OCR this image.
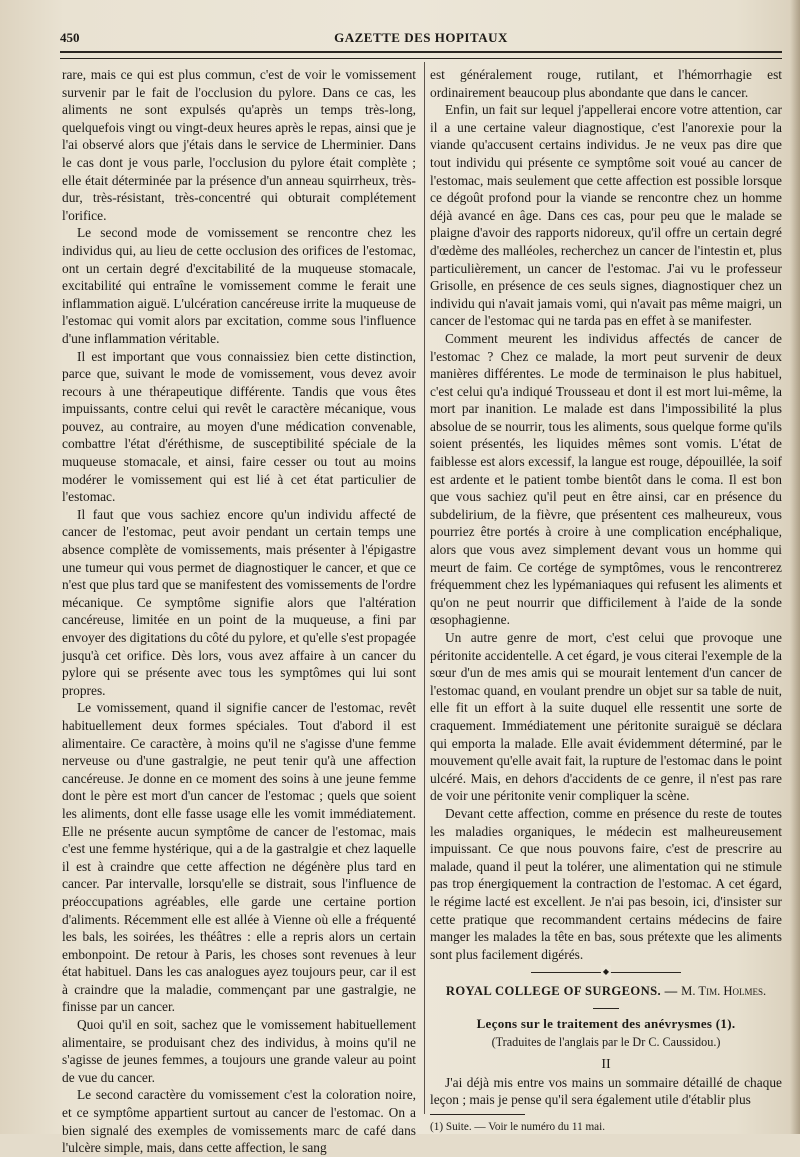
450	GAZETTE DES HOPITAUX

rare, mais ce qui est plus commun, c'est de voir le vomissement survenir par le fait de l'occlusion du pylore. Dans ce cas, les aliments ne sont expulsés qu'après un temps très-long, quelquefois vingt ou vingt-deux heures après le repas, ainsi que je l'ai observé alors que j'étais dans le service de Lherminier. Dans le cas dont je vous parle, l'occlusion du pylore était complète ; elle était déterminée par la présence d'un anneau squirrheux, très-dur, très-résistant, très-concentré qui obturait complétement l'orifice.

Le second mode de vomissement se rencontre chez les individus qui, au lieu de cette occlusion des orifices de l'estomac, ont un certain degré d'excitabilité de la muqueuse stomacale, excitabilité qui entraîne le vomissement comme le ferait une inflammation aiguë. L'ulcération cancéreuse irrite la muqueuse de l'estomac qui vomit alors par excitation, comme sous l'influence d'une inflammation véritable.

Il est important que vous connaissiez bien cette distinction, parce que, suivant le mode de vomissement, vous devez avoir recours à une thérapeutique différente. Tandis que vous êtes impuissants, contre celui qui revêt le caractère mécanique, vous pouvez, au contraire, au moyen d'une médication convenable, combattre l'état d'éréthisme, de susceptibilité spéciale de la muqueuse stomacale, et ainsi, faire cesser ou tout au moins modérer le vomissement qui est lié à cet état particulier de l'estomac.

Il faut que vous sachiez encore qu'un individu affecté de cancer de l'estomac, peut avoir pendant un certain temps une absence complète de vomissements, mais présenter à l'épigastre une tumeur qui vous permet de diagnostiquer le cancer, et que ce n'est que plus tard que se manifestent des vomissements de l'ordre mécanique. Ce symptôme signifie alors que l'altération cancéreuse, limitée en un point de la muqueuse, a fini par envoyer des digitations du côté du pylore, et qu'elle s'est propagée jusqu'à cet orifice. Dès lors, vous avez affaire à un cancer du pylore qui se présente avec tous les symptômes qui lui sont propres.

Le vomissement, quand il signifie cancer de l'estomac, revêt habituellement deux formes spéciales. Tout d'abord il est alimentaire. Ce caractère, à moins qu'il ne s'agisse d'une femme nerveuse ou d'une gastralgie, ne peut tenir qu'à une affection cancéreuse. Je donne en ce moment des soins à une jeune femme dont le père est mort d'un cancer de l'estomac ; quels que soient les aliments, dont elle fasse usage elle les vomit immédiatement. Elle ne présente aucun symptôme de cancer de l'estomac, mais c'est une femme hystérique, qui a de la gastralgie et chez laquelle il est à craindre que cette affection ne dégénère plus tard en cancer. Par intervalle, lorsqu'elle se distrait, sous l'influence de préoccupations agréables, elle garde une certaine portion d'aliments. Récemment elle est allée à Vienne où elle a fréquenté les bals, les soirées, les théâtres : elle a repris alors un certain embonpoint. De retour à Paris, les choses sont revenues à leur état habituel. Dans les cas analogues ayez toujours peur, car il est à craindre que la maladie, commençant par une gastralgie, ne finisse par un cancer.

Quoi qu'il en soit, sachez que le vomissement habituellement alimentaire, se produisant chez des individus, à moins qu'il ne s'agisse de jeunes femmes, a toujours une grande valeur au point de vue du cancer.

Le second caractère du vomissement c'est la coloration noire, et ce symptôme appartient surtout au cancer de l'estomac. On a bien signalé des exemples de vomissements marc de café dans l'ulcère simple, mais, dans cette affection, le sang

est généralement rouge, rutilant, et l'hémorrhagie est ordinairement beaucoup plus abondante que dans le cancer.

Enfin, un fait sur lequel j'appellerai encore votre attention, car il a une certaine valeur diagnostique, c'est l'anorexie pour la viande qu'accusent certains individus. Je ne veux pas dire que tout individu qui présente ce symptôme soit voué au cancer de l'estomac, mais seulement que cette affection est possible lorsque ce dégoût profond pour la viande se rencontre chez un homme déjà avancé en âge. Dans ces cas, pour peu que le malade se plaigne d'avoir des rapports nidoreux, qu'il offre un certain degré d'œdème des malléoles, recherchez un cancer de l'intestin et, plus particulièrement, un cancer de l'estomac. J'ai vu le professeur Grisolle, en présence de ces seuls signes, diagnostiquer chez un individu qui n'avait jamais vomi, qui n'avait pas même maigri, un cancer de l'estomac qui ne tarda pas en effet à se manifester.

Comment meurent les individus affectés de cancer de l'estomac ? Chez ce malade, la mort peut survenir de deux manières différentes. Le mode de terminaison le plus habituel, c'est celui qu'a indiqué Trousseau et dont il est mort lui-même, la mort par inanition. Le malade est dans l'impossibilité la plus absolue de se nourrir, tous les aliments, sous quelque forme qu'ils soient présentés, les liquides mêmes sont vomis. L'état de faiblesse est alors excessif, la langue est rouge, dépouillée, la soif est ardente et le patient tombe bientôt dans le coma. Il est bon que vous sachiez qu'il peut en être ainsi, car en présence du subdelirium, de la fièvre, que présentent ces malheureux, vous pourriez être portés à croire à une complication encéphalique, alors que vous avez simplement devant vous un homme qui meurt de faim. Ce cortége de symptômes, vous le rencontrerez fréquemment chez les lypémaniaques qui refusent les aliments et qu'on ne peut nourrir que difficilement à l'aide de la sonde œsophagienne.

Un autre genre de mort, c'est celui que provoque une péritonite accidentelle. A cet égard, je vous citerai l'exemple de la sœur d'un de mes amis qui se mourait lentement d'un cancer de l'estomac quand, en voulant prendre un objet sur sa table de nuit, elle fit un effort à la suite duquel elle ressentit une sorte de craquement. Immédiatement une péritonite suraiguë se déclara qui emporta la malade. Elle avait évidemment déterminé, par le mouvement qu'elle avait fait, la rupture de l'estomac dans le point ulcéré. Mais, en dehors d'accidents de ce genre, il n'est pas rare de voir une péritonite venir compliquer la scène.

Devant cette affection, comme en présence du reste de toutes les maladies organiques, le médecin est malheureusement impuissant. Ce que nous pouvons faire, c'est de prescrire au malade, quand il peut la tolérer, une alimentation qui ne stimule pas trop énergiquement la contraction de l'estomac. A cet égard, le régime lacté est excellent. Je n'ai pas besoin, ici, d'insister sur cette pratique que recommandent certains médecins de faire manger les malades la tête en bas, sous prétexte que les aliments sont plus facilement digérés.

◆
ROYAL COLLEGE OF SURGEONS. — M. Tim. Holmes.
Leçons sur le traitement des anévrysmes (1).
(Traduites de l'anglais par le Dr C. Caussidou.)
II

J'ai déjà mis entre vos mains un sommaire détaillé de chaque leçon ; mais je pense qu'il sera également utile d'établir plus

(1) Suite. — Voir le numéro du 11 mai.
